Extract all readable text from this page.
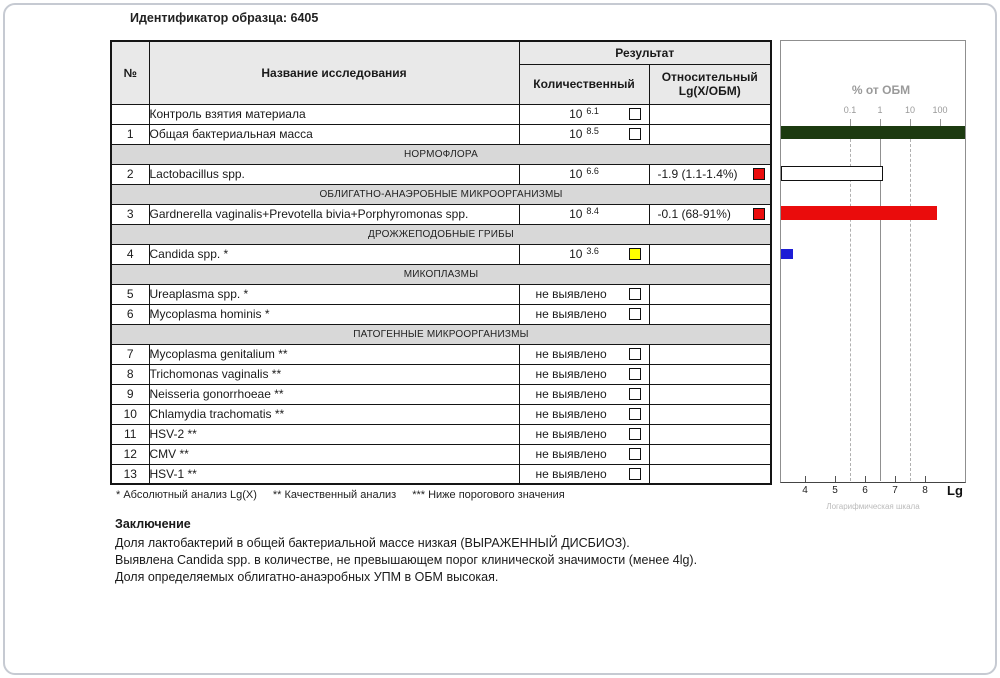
Идентификатор образца: 6405
№	Название исследования	Результат	
		Количественный	Относительный
Lg(X/ОБМ)

	Контроль взятия материала	10 $^{6.1}$

1	Общая бактериальная масса	10 $^{8.5}$

НОРМОФЛОРА			
2	Lactobacillus spp.	10 $^{6.6}$	-1.9 (1.1-1.4%)

ОБЛИГАТНО-АНАЭРОБНЫЕ МИКРООРГАНИЗМЫ			
3	Gardnerella vaginalis+Prevotella bivia+Porphyromonas spp.	10 $^{8.4}$	-0.1 (68-91%)

ДРОЖЖЕПОДОБНЫЕ ГРИБЫ			
4	Candida spp. *	10 $^{3.6}$

МИКОПЛАЗМЫ			
5	Ureaplasma spp. *	не выявлено	

6	Mycoplasma hominis *	не выявлено	

ПАТОГЕННЫЕ МИКРООРГАНИЗМЫ			
7	Mycoplasma genitalium **	не выявлено	

8	Trichomonas vaginalis **	не выявлено	

9	Neisseria gonorrhoeae **	не выявлено	

10	Chlamydia trachomatis **	не выявлено	

11	HSV-2 **	не выявлено	

12	CMV **	не выявлено	

13	HSV-1 **	не выявлено	

% от ОБМ
0.1	1	10	100
4	5	6	7	8	Lg
Логарифмическая шкала
* Абсолютный анализ Lg(X) ** Качественный анализ *** Ниже порогового значения
Заключение
Доля лактобактерий в общей бактериальной массе низкая (ВЫРАЖЕННЫЙ ДИСБИОЗ).
Выявлена Candida spp. в количестве, не превышающем порог клинической значимости (менее 4lg).
Доля определяемых облигатно-анаэробных УПМ в ОБМ высокая.
